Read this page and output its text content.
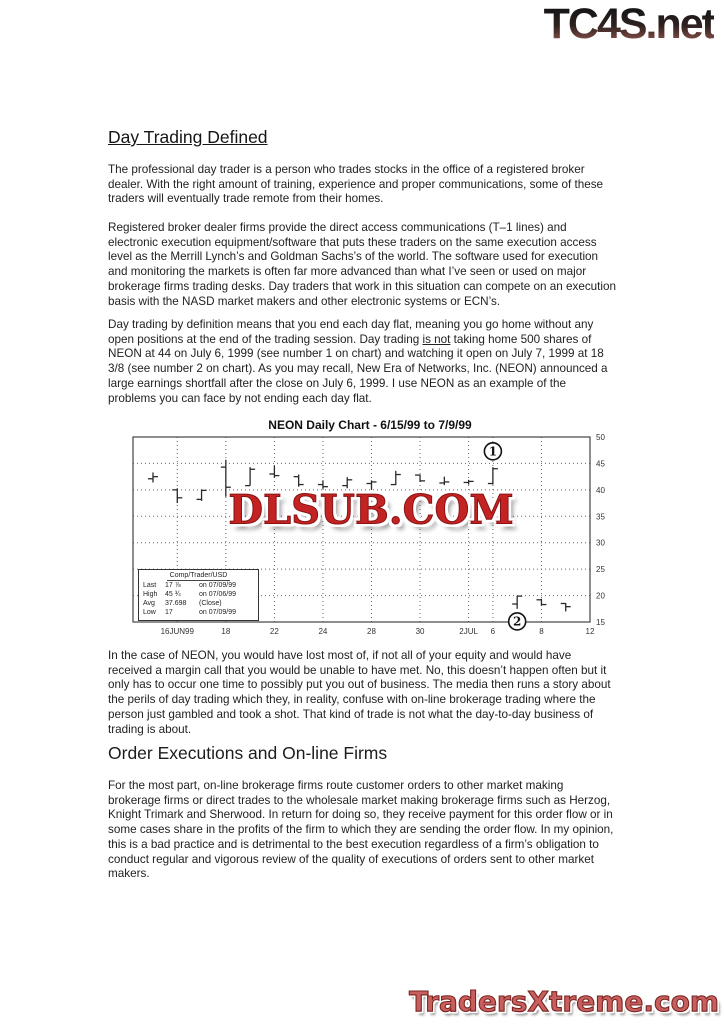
TC4S.net
Day Trading Defined

The professional day trader is a person who trades stocks in the office of a registered broker dealer. With the right amount of training, experience and proper communications, some of these traders will eventually trade remote from their homes.

Registered broker dealer firms provide the direct access communications (T–1 lines) and electronic execution equipment/software that puts these traders on the same execution access level as the Merrill Lynch’s and Goldman Sachs’s of the world. The software used for execution and monitoring the markets is often far more advanced than what I’ve seen or used on major brokerage firms trading desks. Day traders that work in this situation can compete on an execution basis with the NASD market makers and other electronic systems or ECN’s.

Day trading by definition means that you end each day flat, meaning you go home without any open positions at the end of the trading session. Day trading is not taking home 500 shares of NEON at 44 on July 6, 1999 (see number 1 on chart) and watching it open on July 7, 1999 at 18 3/8 (see number 2 on chart). As you may recall, New Era of Networks, Inc. (NEON) announced a large earnings shortfall after the close on July 6, 1999. I use NEON as an example of the problems you can face by not ending each day flat.

NEON Daily Chart - 6/15/99 to 7/9/99
50
45
40
35
30
25
20
15
16JUN99	18	22	24	28	30	2JUL 6	8	12
1
2
Comp/Trader/USD
Last	17 ⅞	on 07/09/99
High	45 ¾	on 07/06/99
Avg	37.698	(Close)
Low	17	on 07/09/99
DLSUB.COM

In the case of NEON, you would have lost most of, if not all of your equity and would have received a margin call that you would be unable to have met. No, this doesn’t happen often but it only has to occur one time to possibly put you out of business. The media then runs a story about the perils of day trading which they, in reality, confuse with on-line brokerage trading where the person just gambled and took a shot. That kind of trade is not what the day-to-day business of trading is about.

Order Executions and On-line Firms

For the most part, on-line brokerage firms route customer orders to other market making brokerage firms or direct trades to the wholesale market making brokerage firms such as Herzog, Knight Trimark and Sherwood. In return for doing so, they receive payment for this order flow or in some cases share in the profits of the firm to which they are sending the order flow. In my opinion, this is a bad practice and is detrimental to the best execution regardless of a firm’s obligation to conduct regular and vigorous review of the quality of executions of orders sent to other market makers.

TradersXtreme.com
